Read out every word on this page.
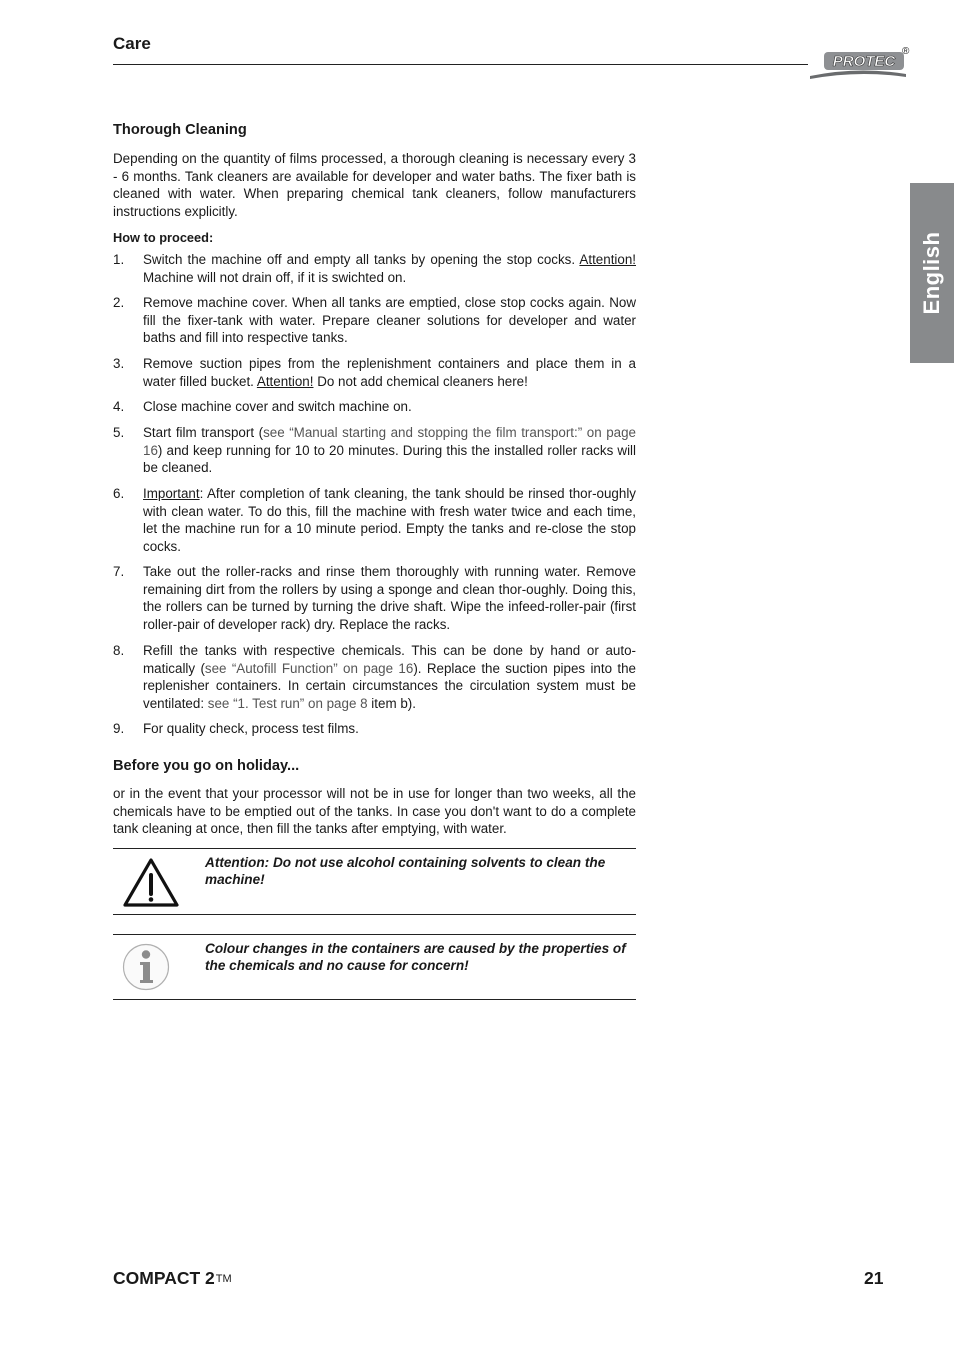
Care
PROTEC
®
English
Thorough Cleaning
Depending on the quantity of films processed, a thorough cleaning is necessary every 3 - 6 months. Tank cleaners are available for developer and water baths. The fixer bath is cleaned with water. When preparing chemical tank cleaners, follow manufacturers instructions explicitly.
How to proceed:
1. Switch the machine off and empty all tanks by opening the stop cocks. Attention! Machine will not drain off, if it is swichted on.
2. Remove machine cover. When all tanks are emptied, close stop cocks again. Now fill the fixer-tank with water. Prepare cleaner solutions for developer and water baths and fill into respective tanks.
3. Remove suction pipes from the replenishment containers and place them in a water filled bucket. Attention! Do not add chemical cleaners here!
4. Close machine cover and switch machine on.
5. Start film transport (see “Manual starting and stopping the film transport:” on page 16) and keep running for 10 to 20 minutes. During this the installed roller racks will be cleaned.
6. Important: After completion of tank cleaning, the tank should be rinsed thor-oughly with clean water. To do this, fill the machine with fresh water twice and each time, let the machine run for a 10 minute period. Empty the tanks and re-close the stop cocks.
7. Take out the roller-racks and rinse them thoroughly with running water. Remove remaining dirt from the rollers by using a sponge and clean thor-oughly. Doing this, the rollers can be turned by turning the drive shaft. Wipe the infeed-roller-pair (first roller-pair of developer rack) dry. Replace the racks.
8. Refill the tanks with respective chemicals. This can be done by hand or auto-matically (see “Autofill Function” on page 16). Replace the suction pipes into the replenisher containers. In certain circumstances the circulation system must be ventilated: see “1. Test run” on page 8 item b).
9. For quality check, process test films.
Before you go on holiday...
or in the event that your processor will not be in use for longer than two weeks, all the chemicals have to be emptied out of the tanks. In case you don't want to do a complete tank cleaning at once, then fill the tanks after emptying, with water.
Attention: Do not use alcohol containing solvents to clean the machine!
Colour changes in the containers are caused by the properties of the chemicals and no cause for concern!
COMPACT 2™	21
